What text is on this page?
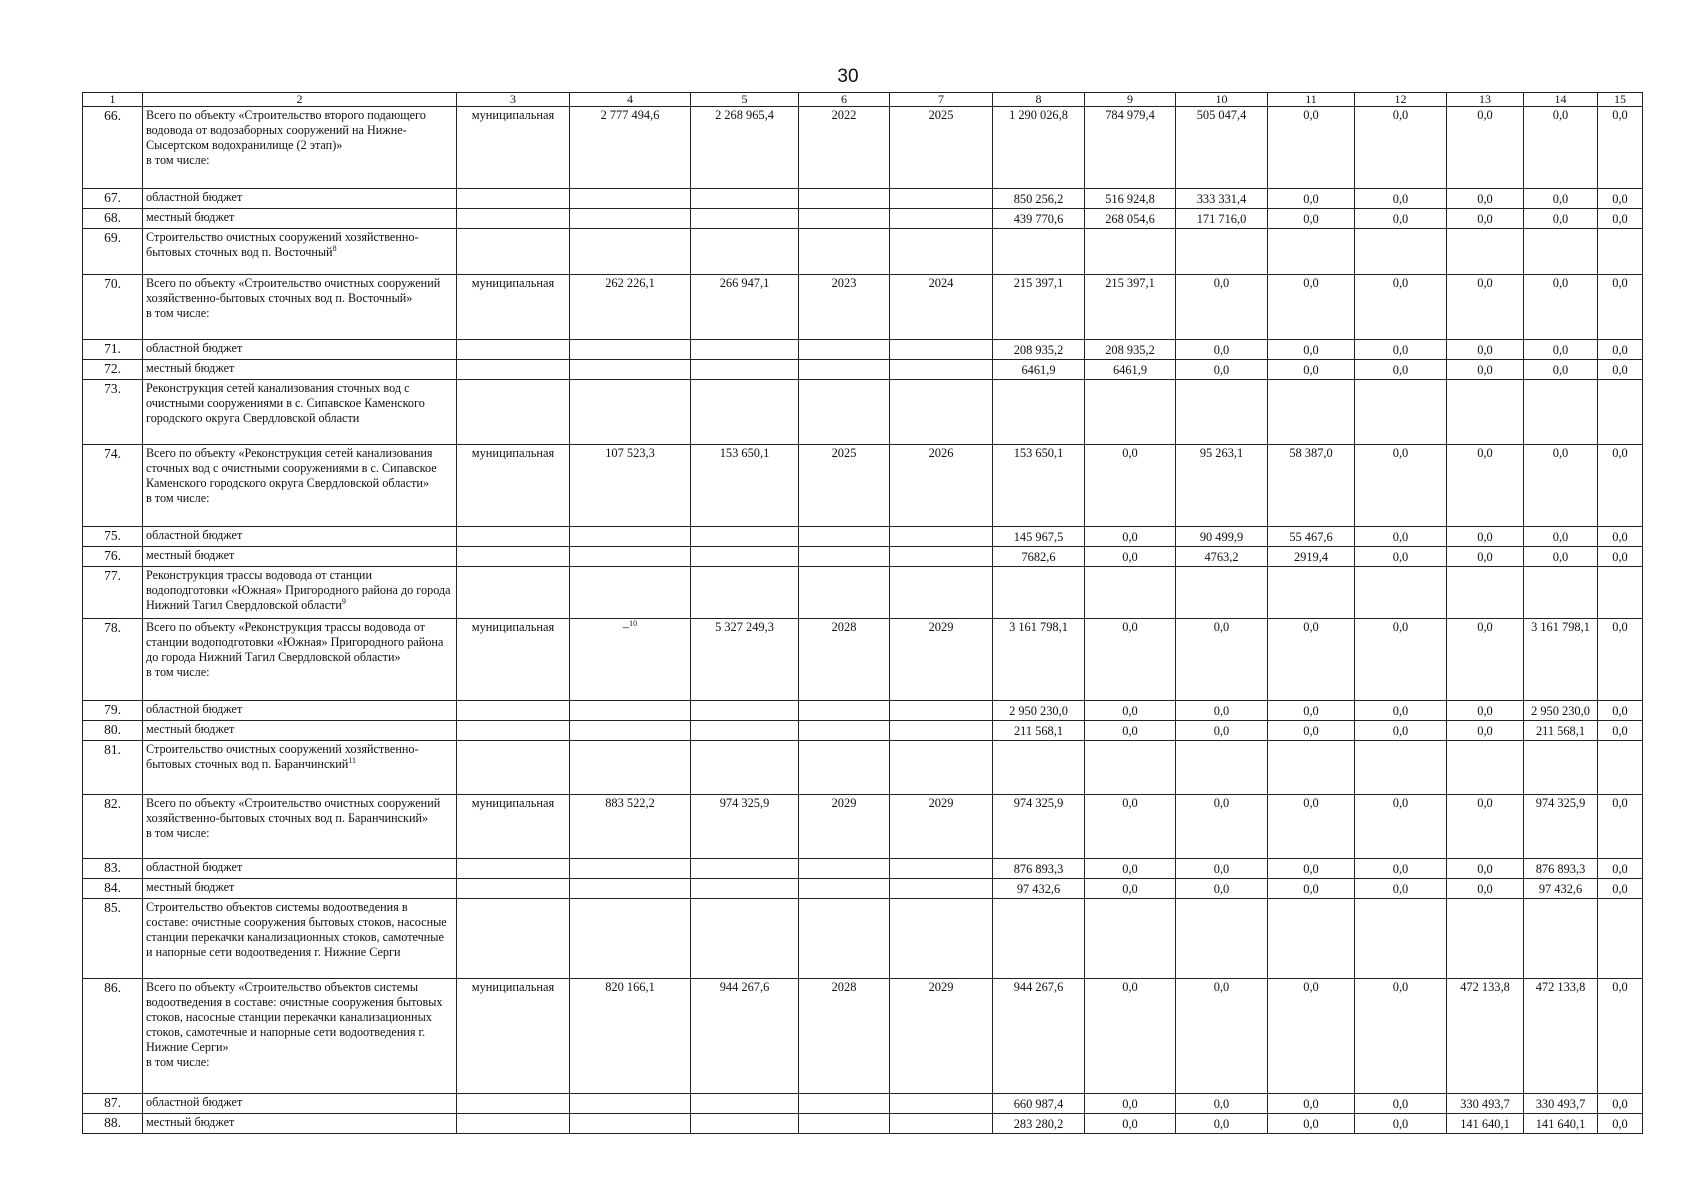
30
1	2	3	4	5	6	7	8	9	10	11	12	13	14	15
66.	Всего по объекту «Строительство второго подающего водовода от водозаборных сооружений на Нижне-Сысертском водохранилище (2 этап)»
в том числе:	муниципальная	2 777 494,6	2 268 965,4	2022	2025	1 290 026,8	784 979,4	505 047,4	0,0	0,0	0,0	0,0	0,0
67.	областной бюджет						850 256,2	516 924,8	333 331,4	0,0	0,0	0,0	0,0	0,0
68.	местный бюджет						439 770,6	268 054,6	171 716,0	0,0	0,0	0,0	0,0	0,0
69.	Строительство очистных сооружений хозяйственно-бытовых сточных вод п. Восточный$^8$													
70.	Всего по объекту «Строительство очистных сооружений хозяйственно-бытовых сточных вод п. Восточный»
в том числе:	муниципальная	262 226,1	266 947,1	2023	2024	215 397,1	215 397,1	0,0	0,0	0,0	0,0	0,0	0,0
71.	областной бюджет						208 935,2	208 935,2	0,0	0,0	0,0	0,0	0,0	0,0
72.	местный бюджет						6461,9	6461,9	0,0	0,0	0,0	0,0	0,0	0,0
73.	Реконструкция сетей канализования сточных вод с очистными сооружениями в с. Сипавское Каменского городского округа Свердловской области													
74.	Всего по объекту «Реконструкция сетей канализования сточных вод с очистными сооружениями в с. Сипавское Каменского городского округа Свердловской области»
в том числе:	муниципальная	107 523,3	153 650,1	2025	2026	153 650,1	0,0	95 263,1	58 387,0	0,0	0,0	0,0	0,0
75.	областной бюджет						145 967,5	0,0	90 499,9	55 467,6	0,0	0,0	0,0	0,0
76.	местный бюджет						7682,6	0,0	4763,2	2919,4	0,0	0,0	0,0	0,0
77.	Реконструкция трассы водовода от станции водоподготовки «Южная» Пригородного района до города Нижний Тагил Свердловской области$^9$													
78.	Всего по объекту «Реконструкция трассы водовода от станции водоподготовки «Южная» Пригородного района до города Нижний Тагил Свердловской области»
в том числе:	муниципальная	–$^{10}$	5 327 249,3	2028	2029	3 161 798,1	0,0	0,0	0,0	0,0	0,0	3 161 798,1	0,0
79.	областной бюджет						2 950 230,0	0,0	0,0	0,0	0,0	0,0	2 950 230,0	0,0
80.	местный бюджет						211 568,1	0,0	0,0	0,0	0,0	0,0	211 568,1	0,0
81.	Строительство очистных сооружений хозяйственно-бытовых сточных вод п. Баранчинский$^{11}$													
82.	Всего по объекту «Строительство очистных сооружений хозяйственно-бытовых сточных вод п. Баранчинский»
в том числе:	муниципальная	883 522,2	974 325,9	2029	2029	974 325,9	0,0	0,0	0,0	0,0	0,0	974 325,9	0,0
83.	областной бюджет						876 893,3	0,0	0,0	0,0	0,0	0,0	876 893,3	0,0
84.	местный бюджет						97 432,6	0,0	0,0	0,0	0,0	0,0	97 432,6	0,0
85.	Строительство объектов системы водоотведения в составе: очистные сооружения бытовых стоков, насосные станции перекачки канализационных стоков, самотечные и напорные сети водоотведения г. Нижние Серги													
86.	Всего по объекту «Строительство объектов системы водоотведения в составе: очистные сооружения бытовых стоков, насосные станции перекачки канализационных стоков, самотечные и напорные сети водоотведения г. Нижние Серги»
в том числе:	муниципальная	820 166,1	944 267,6	2028	2029	944 267,6	0,0	0,0	0,0	0,0	472 133,8	472 133,8	0,0
87.	областной бюджет						660 987,4	0,0	0,0	0,0	0,0	330 493,7	330 493,7	0,0
88.	местный бюджет						283 280,2	0,0	0,0	0,0	0,0	141 640,1	141 640,1	0,0
